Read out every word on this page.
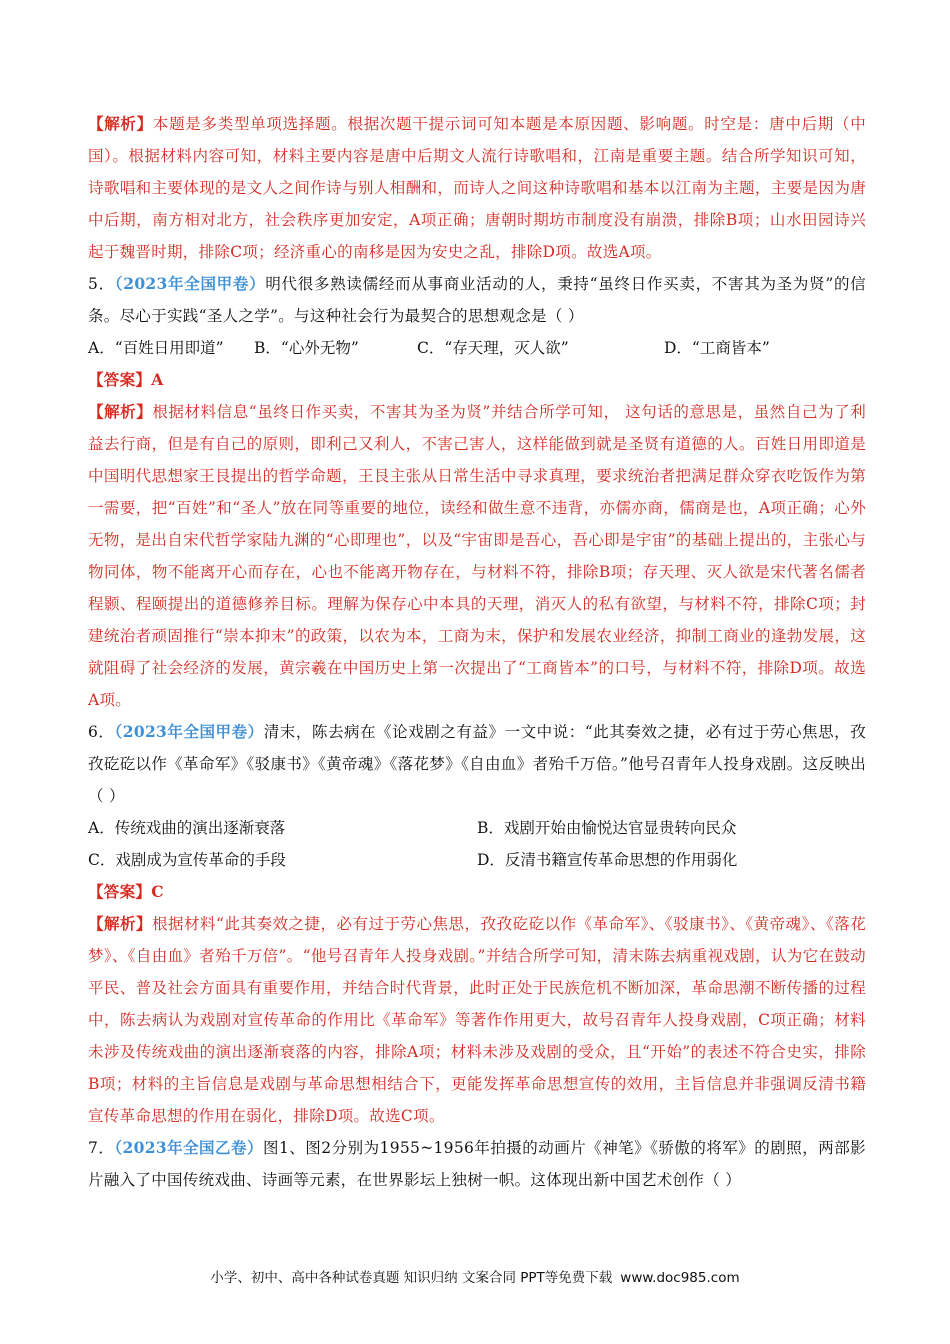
【解析】本题是多类型单项选择题。根据次题干提示词可知本题是本原因题、影响题。时空是：唐中后期（中国）。根据材料内容可知，材料主要内容是唐中后期文人流行诗歌唱和，江南是重要主题。结合所学知识可知，诗歌唱和主要体现的是文人之间作诗与别人相酬和，而诗人之间这种诗歌唱和基本以江南为主题，主要是因为唐中后期，南方相对北方，社会秩序更加安定，A项正确；唐朝时期坊市制度没有崩溃，排除B项；山水田园诗兴起于魏晋时期，排除C项；经济重心的南移是因为安史之乱，排除D项。故选A项。

5．（2023年全国甲卷）明代很多熟读儒经而从事商业活动的人，秉持“虽终日作买卖，不害其为圣为贤”的信条。尽心于实践“圣人之学”。与这种社会行为最契合的思想观念是（ ）

A．“百姓日用即道”	B．“心外无物”	C．“存天理，灭人欲”	D．“工商皆本”

【答案】A

【解析】根据材料信息“虽终日作买卖，不害其为圣为贤”并结合所学可知， 这句话的意思是，虽然自己为了利益去行商，但是有自己的原则，即利己又利人，不害己害人，这样能做到就是圣贤有道德的人。百姓日用即道是中国明代思想家王艮提出的哲学命题，王艮主张从日常生活中寻求真理，要求统治者把满足群众穿衣吃饭作为第一需要，把“百姓”和“圣人”放在同等重要的地位，读经和做生意不违背，亦儒亦商，儒商是也，A项正确；心外无物，是出自宋代哲学家陆九渊的“心即理也”，以及“宇宙即是吾心，吾心即是宇宙”的基础上提出的，主张心与物同体，物不能离开心而存在，心也不能离开物存在，与材料不符，排除B项；存天理、灭人欲是宋代著名儒者程颢、程颐提出的道德修养目标。理解为保存心中本具的天理，消灭人的私有欲望，与材料不符，排除C项；封建统治者顽固推行“崇本抑末”的政策，以农为本，工商为末，保护和发展农业经济，抑制工商业的逢勃发展，这就阻碍了社会经济的发展，黄宗羲在中国历史上第一次提出了“工商皆本”的口号，与材料不符，排除D项。故选A项。

6．（2023年全国甲卷）清末，陈去病在《论戏剧之有益》一文中说：“此其奏效之捷，必有过于劳心焦思，孜孜矻矻以作《革命军》《驳康书》《黄帝魂》《落花梦》《自由血》者殆千万倍。”他号召青年人投身戏剧。这反映出（ ）

A．传统戏曲的演出逐渐衰落	B．戏剧开始由愉悦达官显贵转向民众
C．戏剧成为宣传革命的手段	D．反清书籍宣传革命思想的作用弱化

【答案】C

【解析】根据材料“此其奏效之捷，必有过于劳心焦思，孜孜矻矻以作《革命军》、《驳康书》、《黄帝魂》、《落花梦》、《自由血》者殆千万倍”。“他号召青年人投身戏剧。”并结合所学可知，清末陈去病重视戏剧，认为它在鼓动平民、普及社会方面具有重要作用，并结合时代背景，此时正处于民族危机不断加深，革命思潮不断传播的过程中，陈去病认为戏剧对宣传革命的作用比《革命军》等著作作用更大，故号召青年人投身戏剧，C项正确；材料未涉及传统戏曲的演出逐渐衰落的内容，排除A项；材料未涉及戏剧的受众，且“开始”的表述不符合史实，排除B项；材料的主旨信息是戏剧与革命思想相结合下，更能发挥革命思想宣传的效用，主旨信息并非强调反清书籍宣传革命思想的作用在弱化，排除D项。故选C项。

7．（2023年全国乙卷）图1、图2分别为1955~1956年拍摄的动画片《神笔》《骄傲的将军》的剧照，两部影片融入了中国传统戏曲、诗画等元素，在世界影坛上独树一帜。这体现出新中国艺术创作（ ）

小学、初中、高中各种试卷真题 知识归纳 文案合同 PPT等免费下载 www.doc985.com
